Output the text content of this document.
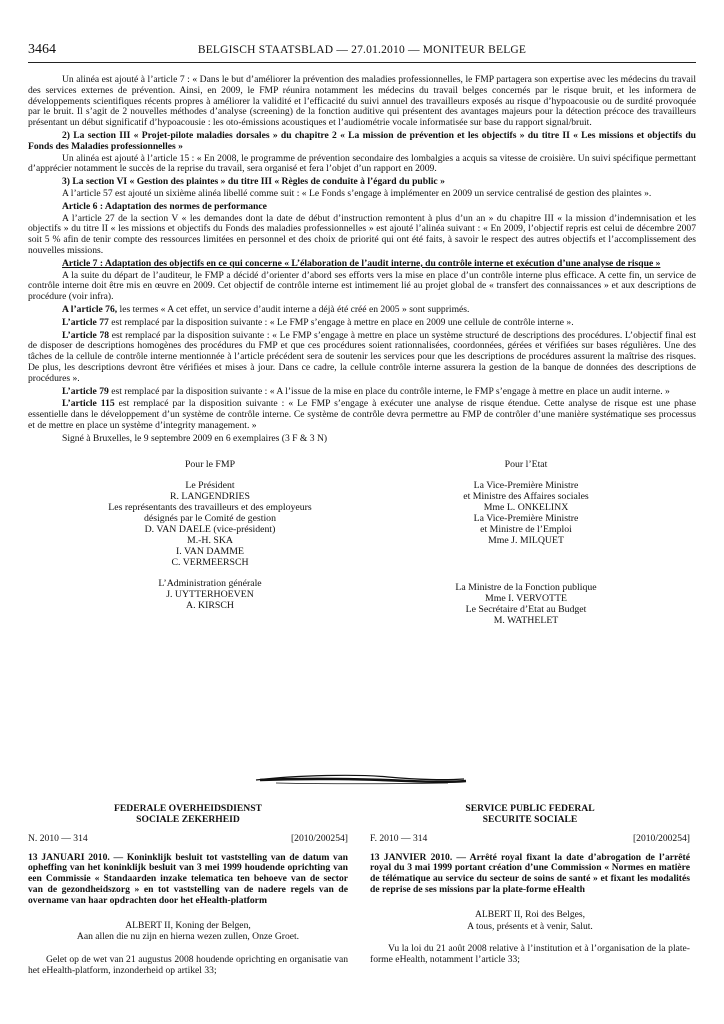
3464	BELGISCH STAATSBLAD — 27.01.2010 — MONITEUR BELGE

Un alinéa est ajouté à l’article 7 : « Dans le but d’améliorer la prévention des maladies professionnelles, le FMP partagera son expertise avec les médecins du travail des services externes de prévention. Ainsi, en 2009, le FMP réunira notamment les médecins du travail belges concernés par le risque bruit, et les informera de développements scientifiques récents propres à améliorer la validité et l’efficacité du suivi annuel des travailleurs exposés au risque d’hypoacousie ou de surdité provoquée par le bruit. Il s’agit de 2 nouvelles méthodes d’analyse (screening) de la fonction auditive qui présentent des avantages majeurs pour la détection précoce des travailleurs présentant un début significatif d’hypoacousie : les oto-émissions acoustiques et l’audiométrie vocale informatisée sur base du rapport signal/bruit.

2) La section III « Projet-pilote maladies dorsales » du chapitre 2 « La mission de prévention et les objectifs » du titre II « Les missions et objectifs du Fonds des Maladies professionnelles »

Un alinéa est ajouté à l’article 15 : « En 2008, le programme de prévention secondaire des lombalgies a acquis sa vitesse de croisière. Un suivi spécifique permettant d’apprécier notamment le succès de la reprise du travail, sera organisé et fera l’objet d’un rapport en 2009.

3) La section VI « Gestion des plaintes » du titre III « Règles de conduite à l’égard du public »

A l’article 57 est ajouté un sixième alinéa libellé comme suit : « Le Fonds s’engage à implémenter en 2009 un service centralisé de gestion des plaintes ».

Article 6 : Adaptation des normes de performance

A l’article 27 de la section V « les demandes dont la date de début d’instruction remontent à plus d’un an » du chapitre III « la mission d’indemnisation et les objectifs » du titre II « les missions et objectifs du Fonds des maladies professionnelles » est ajouté l’alinéa suivant : « En 2009, l’objectif repris est celui de décembre 2007 soit 5 % afin de tenir compte des ressources limitées en personnel et des choix de priorité qui ont été faits, à savoir le respect des autres objectifs et l’accomplissement des nouvelles missions.

Article 7 : Adaptation des objectifs en ce qui concerne « L’élaboration de l’audit interne, du contrôle interne et exécution d’une analyse de risque »

A la suite du départ de l’auditeur, le FMP a décidé d’orienter d’abord ses efforts vers la mise en place d’un contrôle interne plus efficace. A cette fin, un service de contrôle interne doit être mis en œuvre en 2009. Cet objectif de contrôle interne est intimement lié au projet global de « transfert des connaissances » et aux descriptions de procédure (voir infra).

A l’article 76, les termes « A cet effet, un service d’audit interne a déjà été créé en 2005 » sont supprimés.

L’article 77 est remplacé par la disposition suivante : « Le FMP s’engage à mettre en place en 2009 une cellule de contrôle interne ».

L’article 78 est remplacé par la disposition suivante : « Le FMP s’engage à mettre en place un système structuré de descriptions des procédures. L’objectif final est de disposer de descriptions homogènes des procédures du FMP et que ces procédures soient rationnalisées, coordonnées, gérées et vérifiées sur bases régulières. Une des tâches de la cellule de contrôle interne mentionnée à l’article précédent sera de soutenir les services pour que les descriptions de procédures assurent la maîtrise des risques. De plus, les descriptions devront être vérifiées et mises à jour. Dans ce cadre, la cellule contrôle interne assurera la gestion de la banque de données des descriptions de procédures ».

L’article 79 est remplacé par la disposition suivante : « A l’issue de la mise en place du contrôle interne, le FMP s’engage à mettre en place un audit interne. »

L’article 115 est remplacé par la disposition suivante : « Le FMP s’engage à exécuter une analyse de risque étendue. Cette analyse de risque est une phase essentielle dans le développement d’un système de contrôle interne. Ce système de contrôle devra permettre au FMP de contrôler d’une manière systématique ses processus et de mettre en place un système d’integrity management. »

Signé à Bruxelles, le 9 septembre 2009 en 6 exemplaires (3 F & 3 N)

Pour le FMP
Le Président
R. LANGENDRIES
Les représentants des travailleurs et des employeurs
désignés par le Comité de gestion
D. VAN DAELE (vice-président)
M.-H. SKA
I. VAN DAMME
C. VERMEERSCH
L’Administration générale
J. UYTTERHOEVEN
A. KIRSCH
Pour l’Etat
La Vice-Première Ministre
et Ministre des Affaires sociales
Mme L. ONKELINX
La Vice-Première Ministre
et Ministre de l’Emploi
Mme J. MILQUET
La Ministre de la Fonction publique
Mme I. VERVOTTE
Le Secrétaire d’Etat au Budget
M. WATHELET
FEDERALE OVERHEIDSDIENST
SOCIALE ZEKERHEID
N. 2010 — 314	[2010/200254]
13 JANUARI 2010. — Koninklijk besluit tot vaststelling van de datum van opheffing van het koninklijk besluit van 3 mei 1999 houdende oprichting van een Commissie « Standaarden inzake telematica ten behoeve van de sector van de gezondheidszorg » en tot vaststelling van de nadere regels van de overname van haar opdrachten door het eHealth-platform
ALBERT II, Koning der Belgen,
Aan allen die nu zijn en hierna wezen zullen, Onze Groet.

Gelet op de wet van 21 augustus 2008 houdende oprichting en organisatie van het eHealth-platform, inzonderheid op artikel 33;

SERVICE PUBLIC FEDERAL
SECURITE SOCIALE
F. 2010 — 314	[2010/200254]
13 JANVIER 2010. — Arrêté royal fixant la date d’abrogation de l’arrêté royal du 3 mai 1999 portant création d’une Commission « Normes en matière de télématique au service du secteur de soins de santé » et fixant les modalités de reprise de ses missions par la plate-forme eHealth
ALBERT II, Roi des Belges,
A tous, présents et à venir, Salut.

Vu la loi du 21 août 2008 relative à l’institution et à l’organisation de la plate-forme eHealth, notamment l’article 33;
